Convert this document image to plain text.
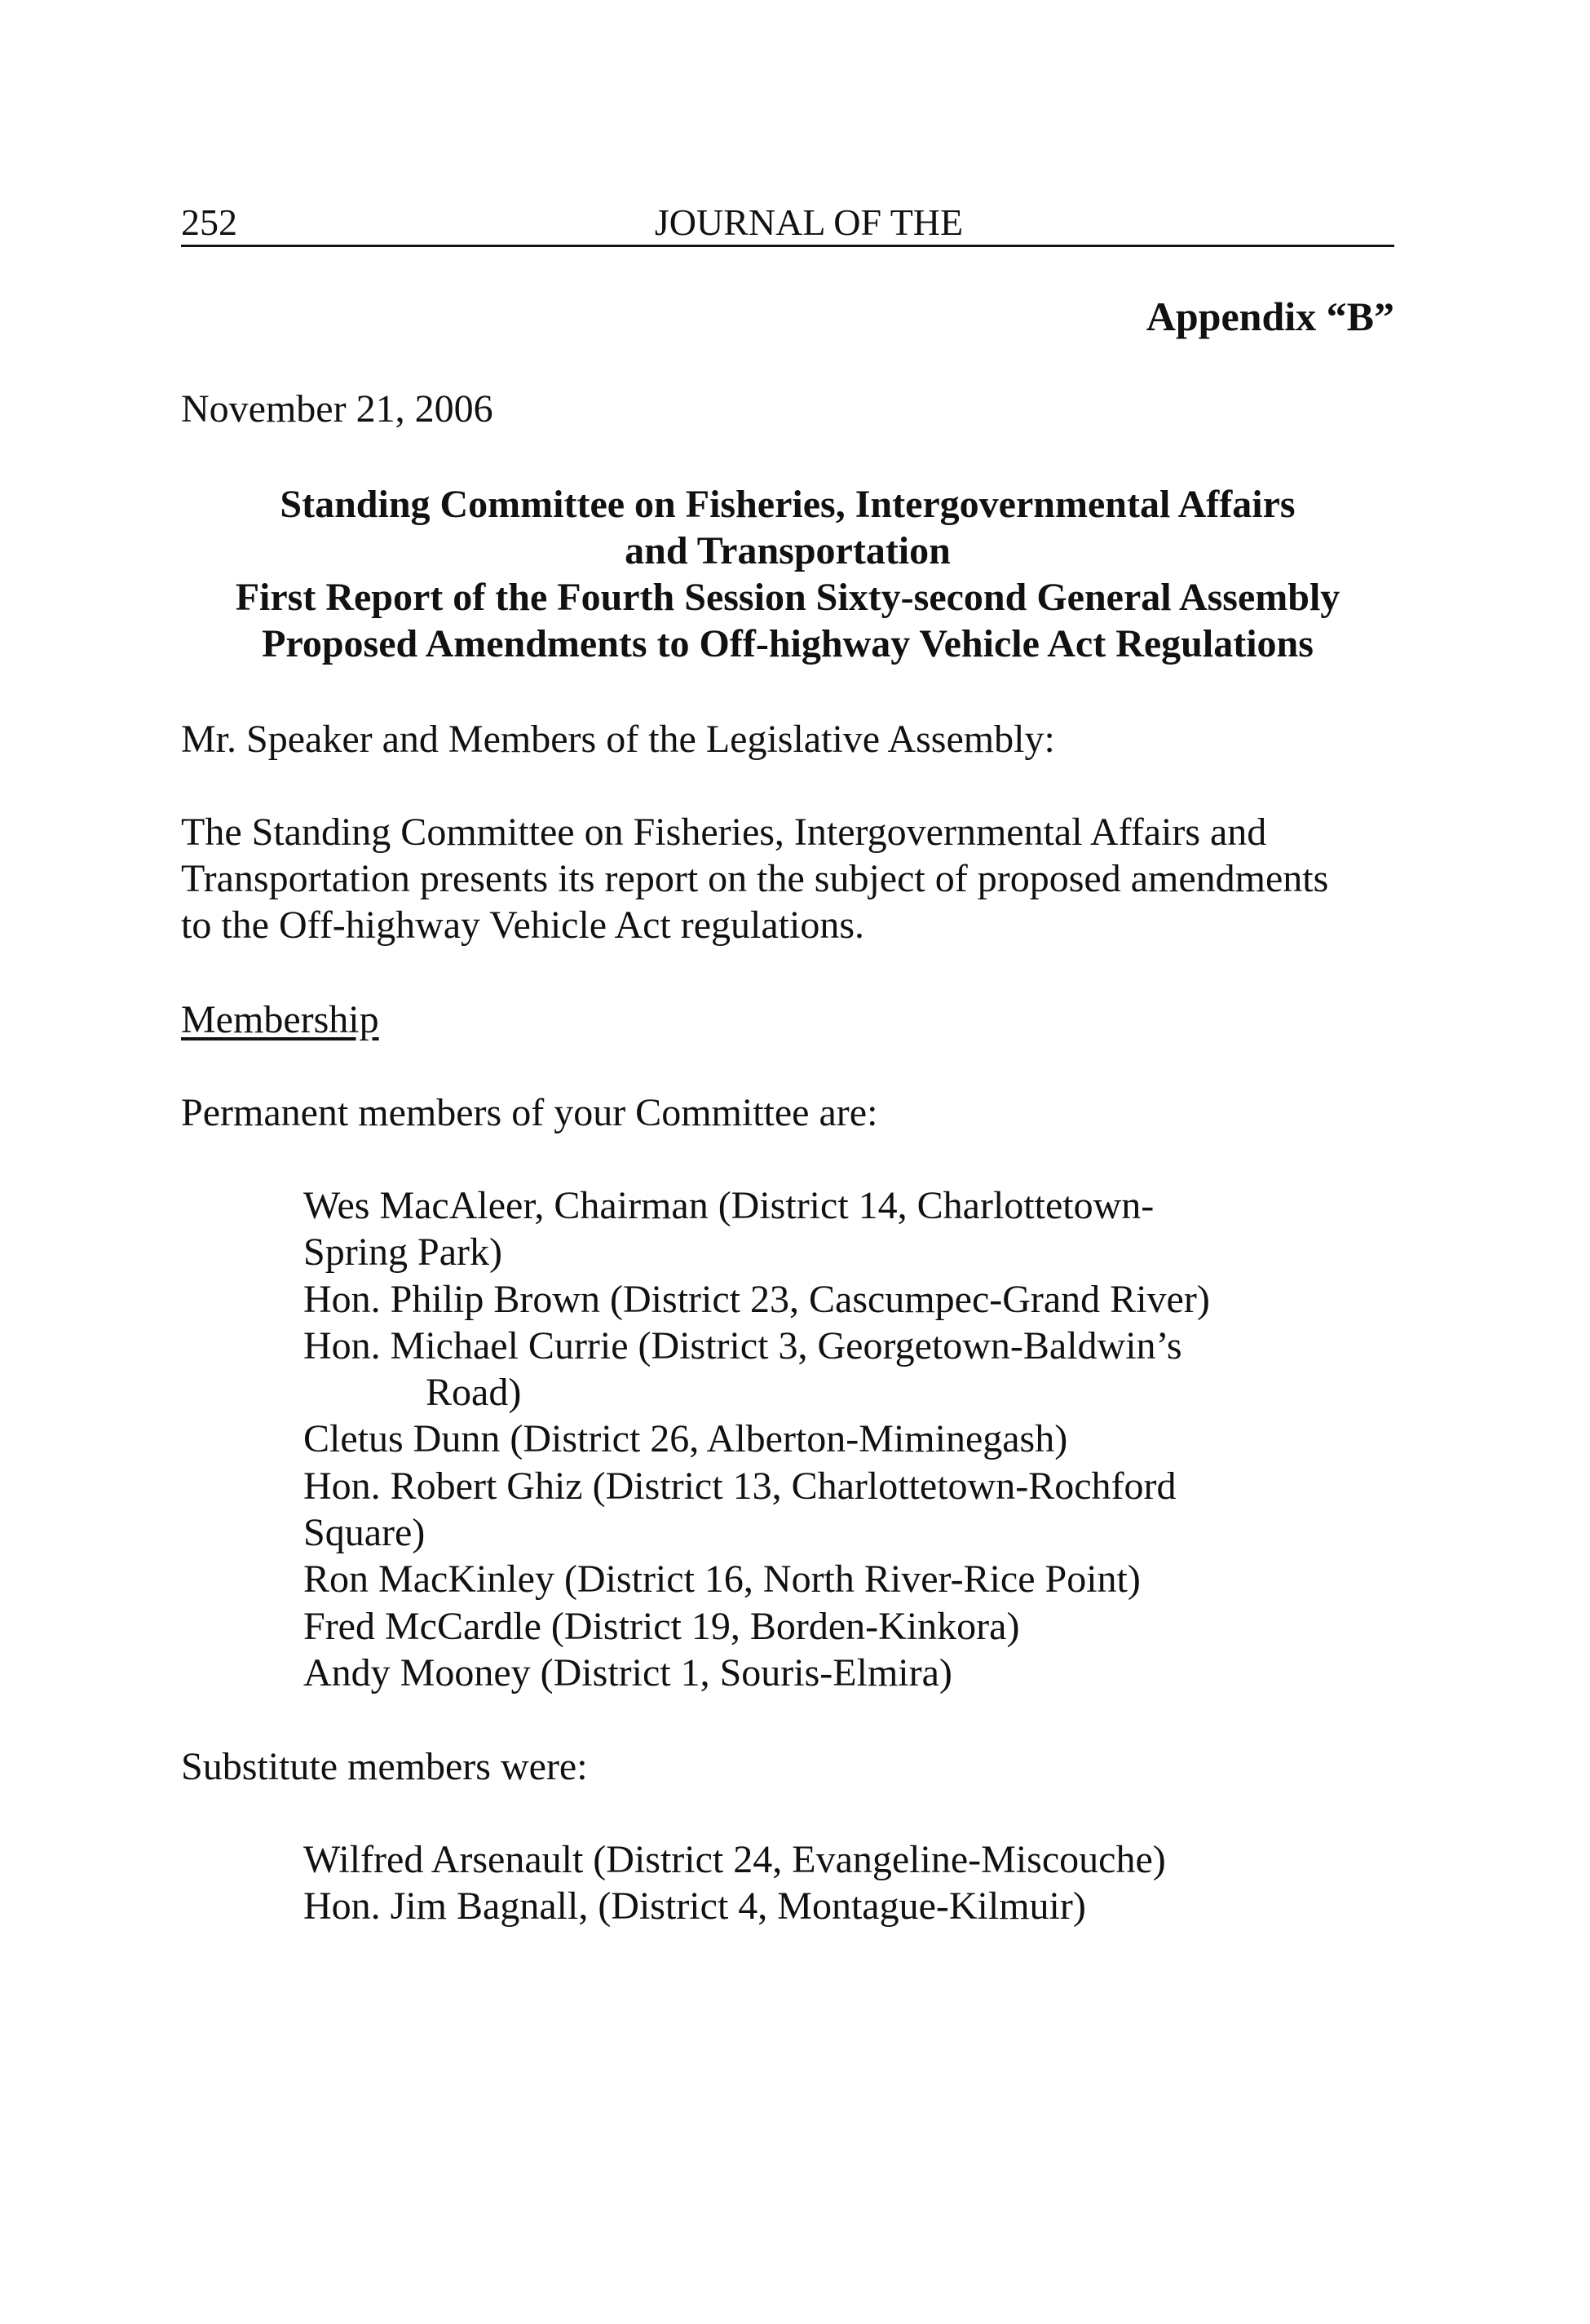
252	JOURNAL OF THE
Appendix “B”
November 21, 2006
Standing Committee on Fisheries, Intergovernmental Affairs
and Transportation
First Report of the Fourth Session Sixty-second General Assembly
Proposed Amendments to Off-highway Vehicle Act Regulations
Mr. Speaker and Members of the Legislative Assembly:
The Standing Committee on Fisheries, Intergovernmental Affairs and
Transportation presents its report on the subject of proposed amendments
to the Off-highway Vehicle Act regulations.
Membership
Permanent members of your Committee are:
Wes MacAleer, Chairman (District 14, Charlottetown-
Spring Park)
Hon. Philip Brown (District 23, Cascumpec-Grand River)
Hon. Michael Currie (District 3, Georgetown-Baldwin’s
Road)
Cletus Dunn (District 26, Alberton-Miminegash)
Hon. Robert Ghiz (District 13, Charlottetown-Rochford
Square)
Ron MacKinley (District 16, North River-Rice Point)
Fred McCardle (District 19, Borden-Kinkora)
Andy Mooney (District 1, Souris-Elmira)
Substitute members were:
Wilfred Arsenault (District 24, Evangeline-Miscouche)
Hon. Jim Bagnall, (District 4, Montague-Kilmuir)
